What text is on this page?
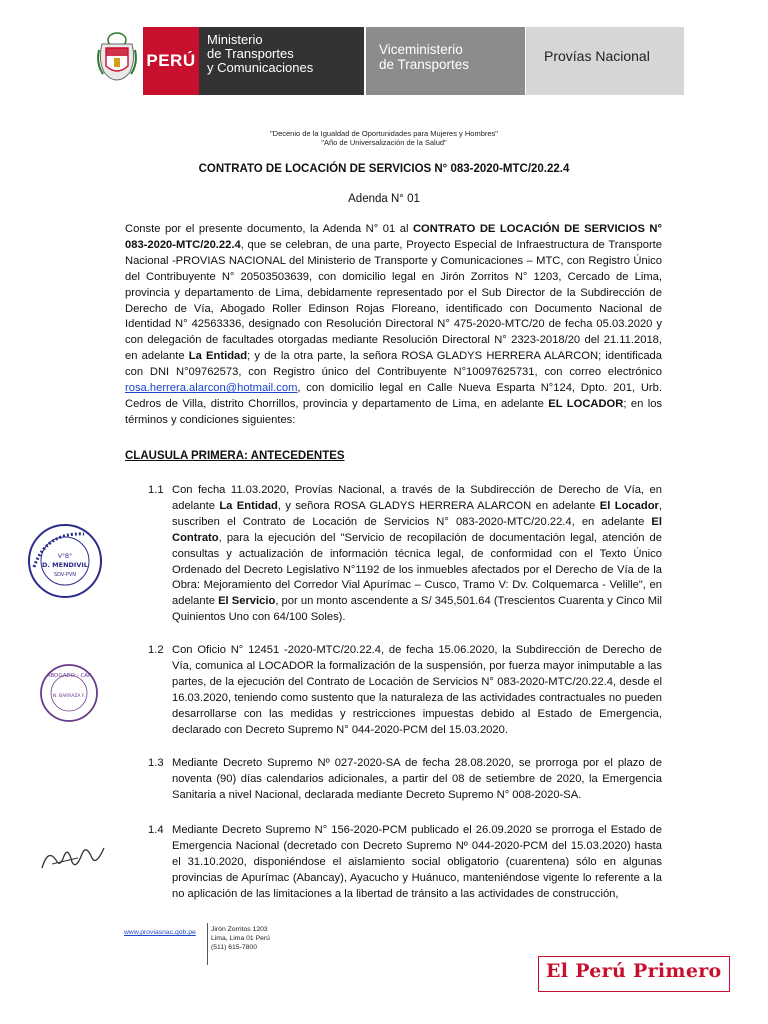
PERÚ
Ministerio
de Transportes
y Comunicaciones
Viceministerio
de Transportes
Provías Nacional
"Decenio de la Igualdad de Oportunidades para Mujeres y Hombres"
"Año de Universalización de la Salud"
CONTRATO DE LOCACIÓN DE SERVICIOS N° 083-2020-MTC/20.22.4
Adenda N° 01
Conste por el presente documento, la Adenda N° 01 al CONTRATO DE LOCACIÓN DE SERVICIOS N° 083-2020-MTC/20.22.4, que se celebran, de una parte, Proyecto Especial de Infraestructura de Transporte Nacional -PROVIAS NACIONAL del Ministerio de Transporte y Comunicaciones – MTC, con Registro Único del Contribuyente N° 20503503639, con domicilio legal en Jirón Zorritos N° 1203, Cercado de Lima, provincia y departamento de Lima, debidamente representado por el Sub Director de la Subdirección de Derecho de Vía, Abogado Roller Edinson Rojas Floreano, identificado con Documento Nacional de Identidad N° 42563336, designado con Resolución Directoral N° 475-2020-MTC/20 de fecha 05.03.2020 y con delegación de facultades otorgadas mediante Resolución Directoral N° 2323-2018/20 del 21.11.2018, en adelante La Entidad; y de la otra parte, la señora ROSA GLADYS HERRERA ALARCON; identificada con DNI N°09762573, con Registro único del Contribuyente N°10097625731, con correo electrónico rosa.herrera.alarcon@hotmail.com, con domicilio legal en Calle Nueva Esparta N°124, Dpto. 201, Urb. Cedros de Villa, distrito Chorrillos, provincia y departamento de Lima, en adelante EL LOCADOR; en los términos y condiciones siguientes:
CLAUSULA PRIMERA: ANTECEDENTES
1.1 Con fecha 11.03.2020, Provías Nacional, a través de la Subdirección de Derecho de Vía, en adelante La Entidad, y señora ROSA GLADYS HERRERA ALARCON en adelante El Locador, suscriben el Contrato de Locación de Servicios N° 083-2020-MTC/20.22.4, en adelante El Contrato, para la ejecución del "Servicio de recopilación de documentación legal, atención de consultas y actualización de información técnica legal, de conformidad con el Texto Único Ordenado del Decreto Legislativo N°1192 de los inmuebles afectados por el Derecho de Vía de la Obra: Mejoramiento del Corredor Vial Apurímac – Cusco, Tramo V: Dv. Colquemarca - Velille", en adelante El Servicio, por un monto ascendente a S/ 345,501.64 (Trescientos Cuarenta y Cinco Mil Quinientos Uno con 64/100 Soles).
1.2 Con Oficio N° 12451 -2020-MTC/20.22.4, de fecha 15.06.2020, la Subdirección de Derecho de Vía, comunica al LOCADOR la formalización de la suspensión, por fuerza mayor inimputable a las partes, de la ejecución del Contrato de Locación de Servicios N° 083-2020-MTC/20.22.4, desde el 16.03.2020, teniendo como sustento que la naturaleza de las actividades contractuales no pueden desarrollarse con las medidas y restricciones impuestas debido al Estado de Emergencia, declarado con Decreto Supremo N° 044-2020-PCM del 15.03.2020.
1.3 Mediante Decreto Supremo Nº 027-2020-SA de fecha 28.08.2020, se prorroga por el plazo de noventa (90) días calendarios adicionales, a partir del 08 de setiembre de 2020, la Emergencia Sanitaria a nivel Nacional, declarada mediante Decreto Supremo N° 008-2020-SA.
1.4 Mediante Decreto Supremo N° 156-2020-PCM publicado el 26.09.2020 se prorroga el Estado de Emergencia Nacional (decretado con Decreto Supremo Nº 044-2020-PCM del 15.03.2020) hasta el 31.10.2020, disponiéndose el aislamiento social obligatorio (cuarentena) sólo en algunas provincias de Apurímac (Abancay), Ayacucho y Huánuco, manteniéndose vigente lo referente a la no aplicación de las limitaciones a la libertad de tránsito a las actividades de construcción,
V°B°
D. MENDIVIL
SDV-PVN
ABOGADO - CAP
N. BARRAZA F.
www.proviasnac.gob.pe Jirón Zorritos 1203
Lima, Lima 01 Perú
(511) 615-7800
El Perú Primero
